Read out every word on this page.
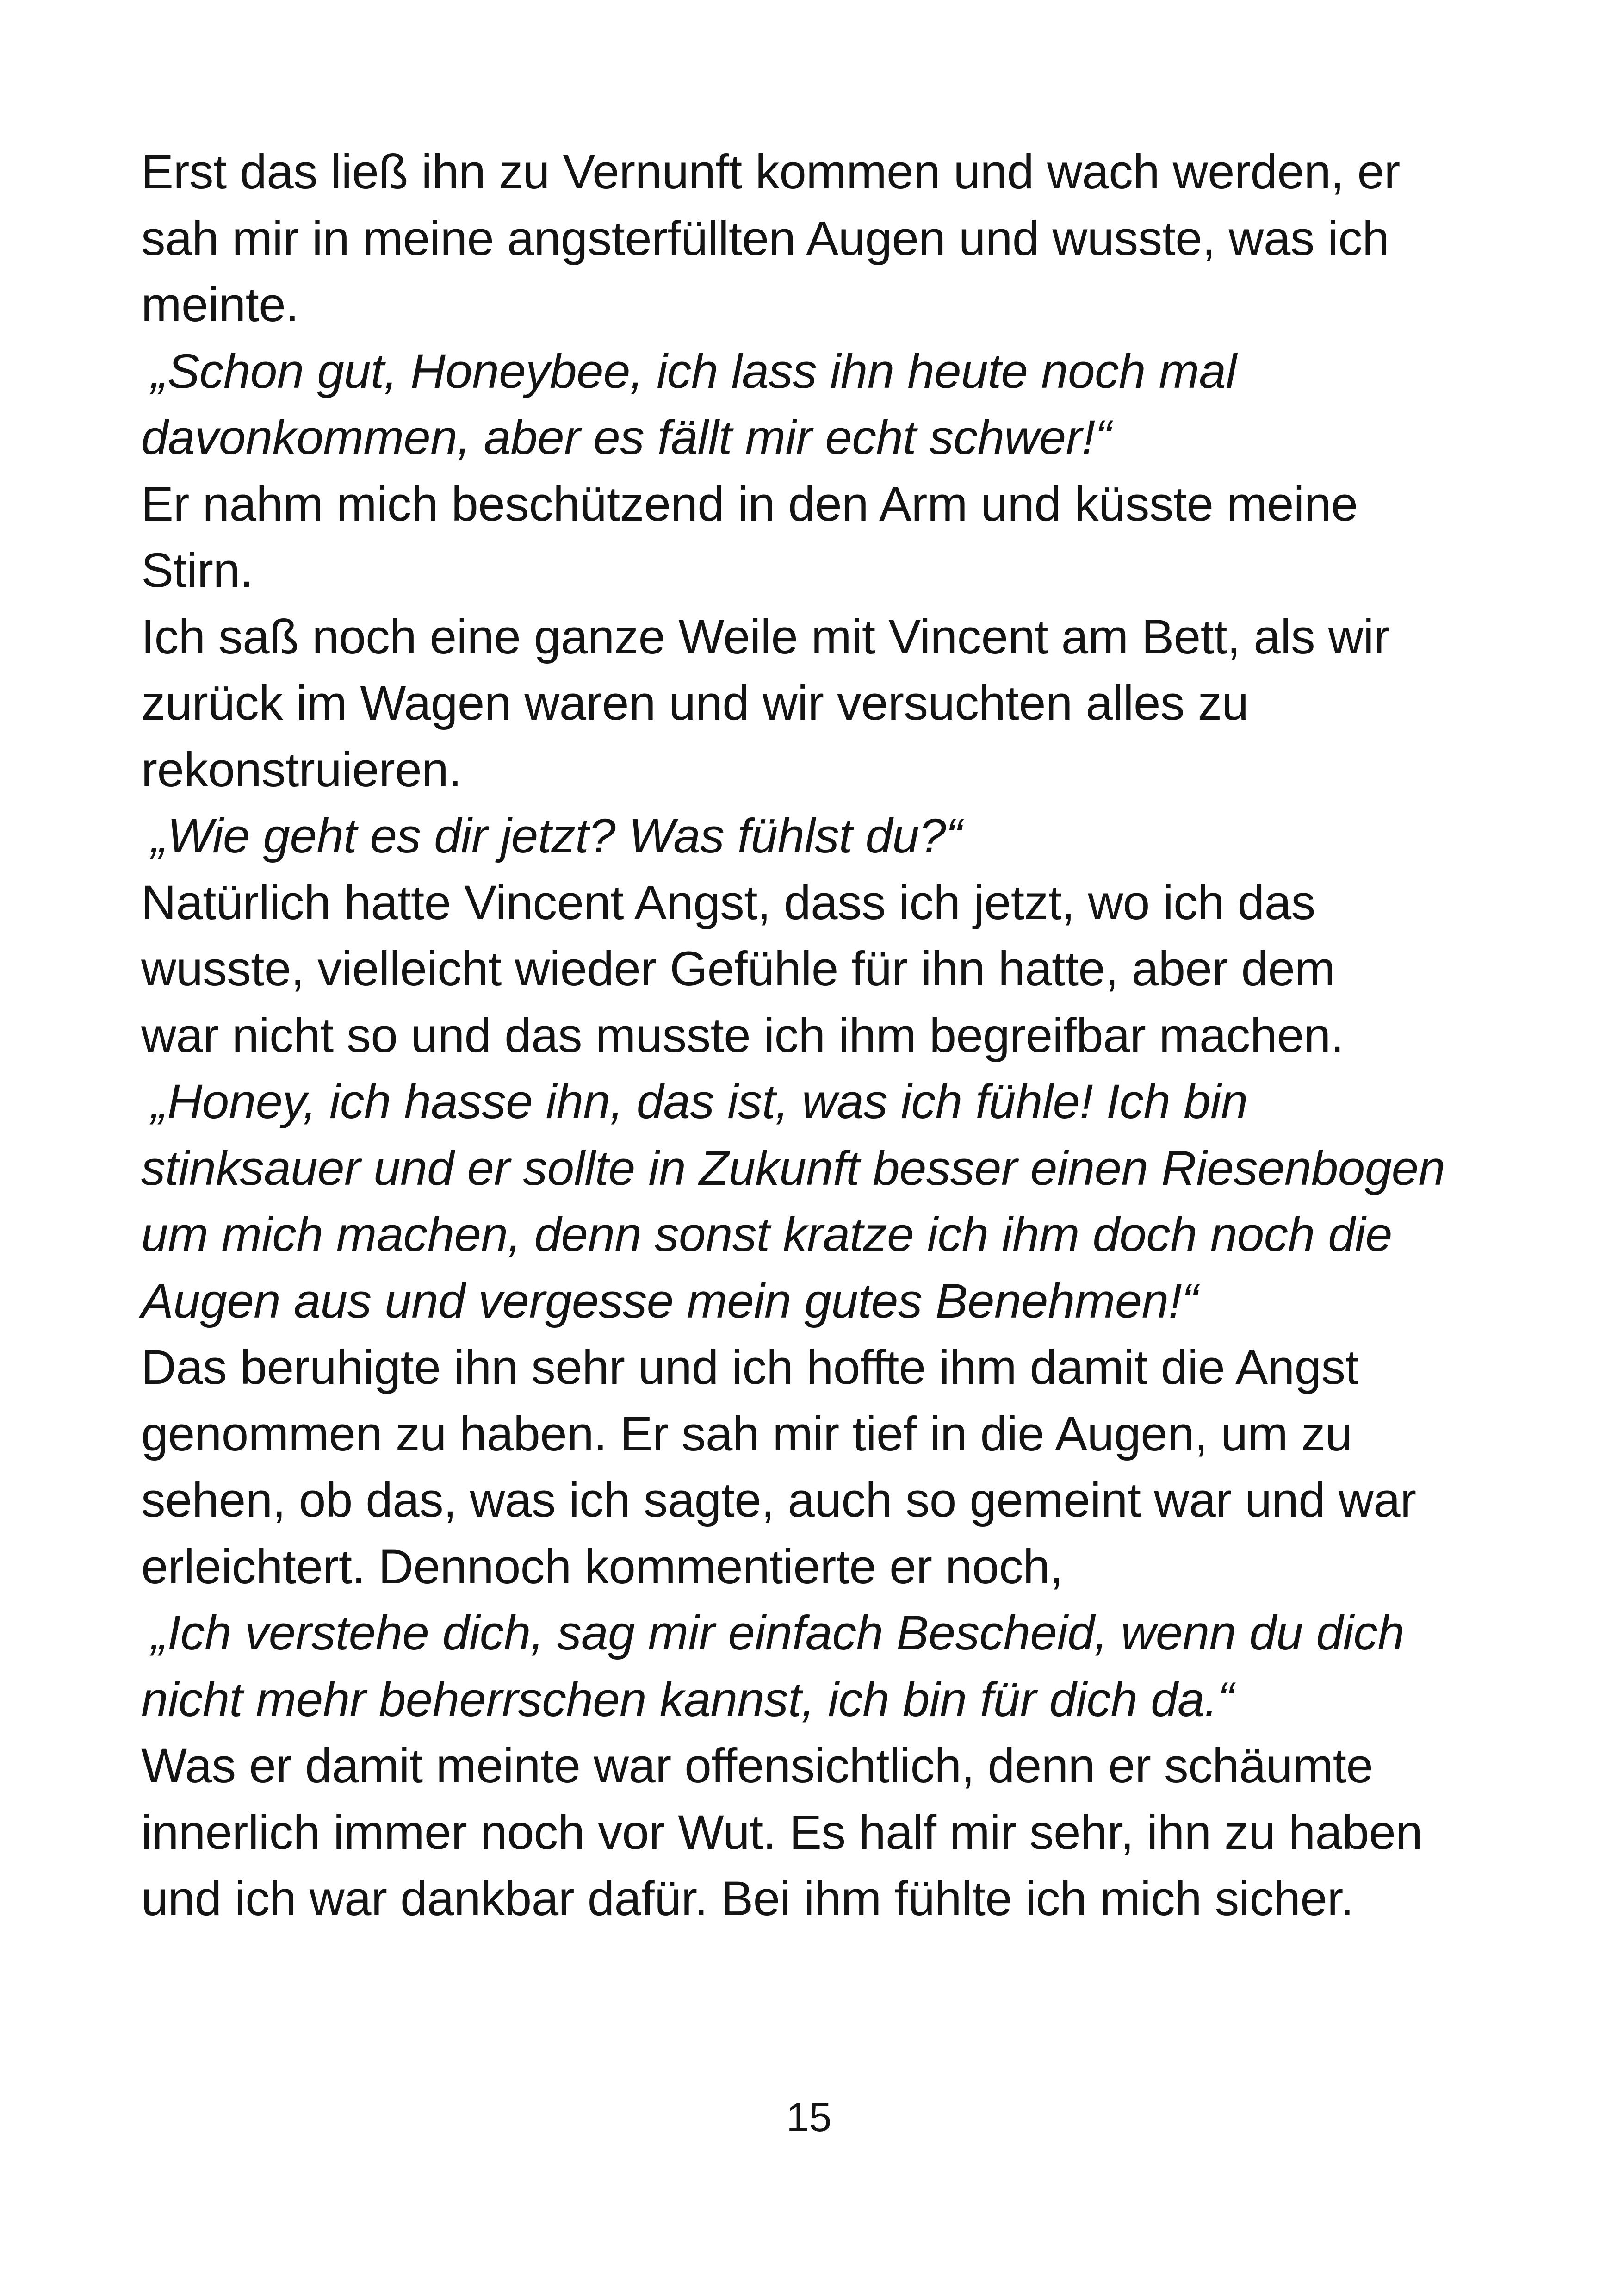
Erst das ließ ihn zu Vernunft kommen und wach werden, er
sah mir in meine angsterfüllten Augen und wusste, was ich
meinte.
„Schon gut, Honeybee, ich lass ihn heute noch mal
davonkommen, aber es fällt mir echt schwer!“
Er nahm mich beschützend in den Arm und küsste meine
Stirn.
Ich saß noch eine ganze Weile mit Vincent am Bett, als wir
zurück im Wagen waren und wir versuchten alles zu
rekonstruieren.
„Wie geht es dir jetzt? Was fühlst du?“
Natürlich hatte Vincent Angst, dass ich jetzt, wo ich das
wusste, vielleicht wieder Gefühle für ihn hatte, aber dem
war nicht so und das musste ich ihm begreifbar machen.
„Honey, ich hasse ihn, das ist, was ich fühle! Ich bin
stinksauer und er sollte in Zukunft besser einen Riesenbogen
um mich machen, denn sonst kratze ich ihm doch noch die
Augen aus und vergesse mein gutes Benehmen!“
Das beruhigte ihn sehr und ich hoffte ihm damit die Angst
genommen zu haben. Er sah mir tief in die Augen, um zu
sehen, ob das, was ich sagte, auch so gemeint war und war
erleichtert. Dennoch kommentierte er noch,
„Ich verstehe dich, sag mir einfach Bescheid, wenn du dich
nicht mehr beherrschen kannst, ich bin für dich da.“
Was er damit meinte war offensichtlich, denn er schäumte
innerlich immer noch vor Wut. Es half mir sehr, ihn zu haben
und ich war dankbar dafür. Bei ihm fühlte ich mich sicher.
15
